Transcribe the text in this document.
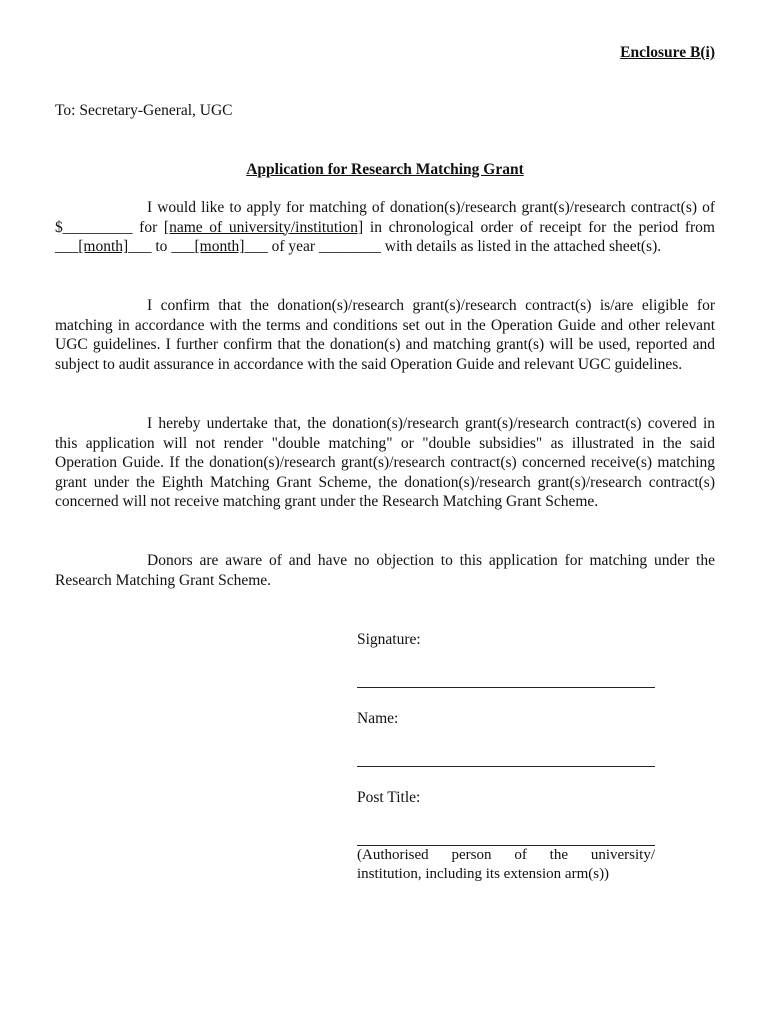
Enclosure B(i)
To: Secretary-General, UGC
Application for Research Matching Grant
I would like to apply for matching of donation(s)/research grant(s)/research contract(s) of $_________ for [name of university/institution] in chronological order of receipt for the period from ___[month]___ to ___[month]___ of year ________ with details as listed in the attached sheet(s).
I confirm that the donation(s)/research grant(s)/research contract(s) is/are eligible for matching in accordance with the terms and conditions set out in the Operation Guide and other relevant UGC guidelines. I further confirm that the donation(s) and matching grant(s) will be used, reported and subject to audit assurance in accordance with the said Operation Guide and relevant UGC guidelines.
I hereby undertake that, the donation(s)/research grant(s)/research contract(s) covered in this application will not render "double matching" or "double subsidies" as illustrated in the said Operation Guide. If the donation(s)/research grant(s)/research contract(s) concerned receive(s) matching grant under the Eighth Matching Grant Scheme, the donation(s)/research grant(s)/research contract(s) concerned will not receive matching grant under the Research Matching Grant Scheme.
Donors are aware of and have no objection to this application for matching under the Research Matching Grant Scheme.
Signature:
Name:
Post Title:
(Authorised person of the university/
institution, including its extension arm(s))
